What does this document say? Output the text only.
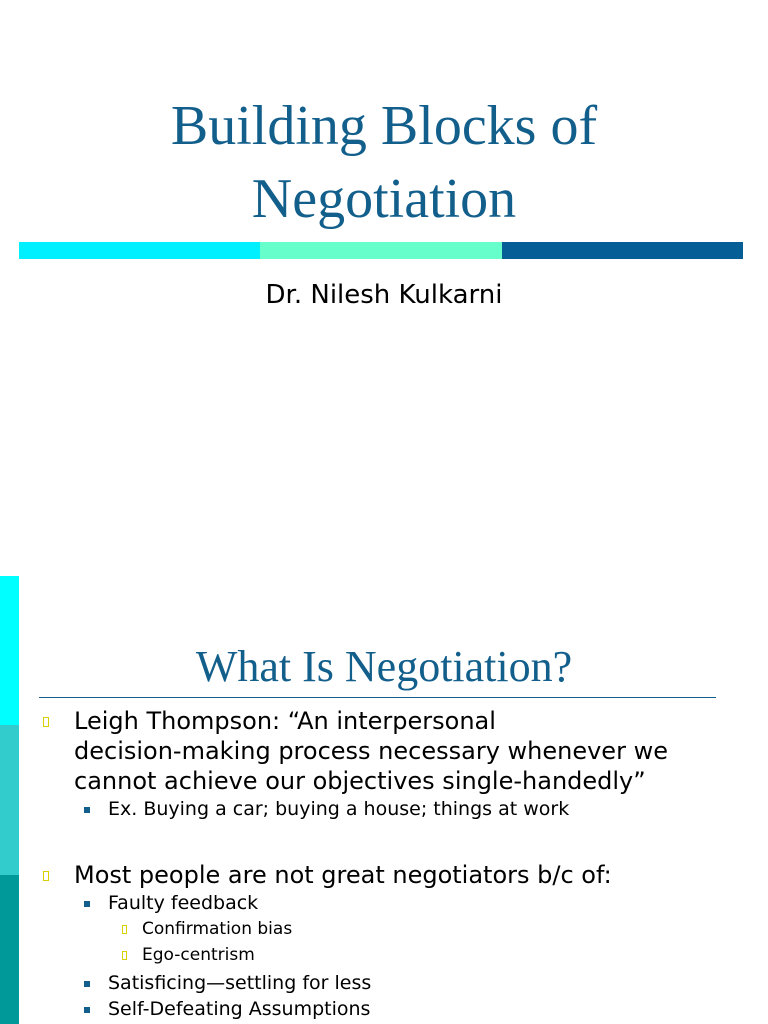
Building Blocks of
Negotiation
Dr. Nilesh Kulkarni
What Is Negotiation?
Leigh Thompson: “An interpersonal
decision-making process necessary whenever we
cannot achieve our objectives single-handedly”
Ex. Buying a car; buying a house; things at work
Most people are not great negotiators b/c of:
Faulty feedback
Confirmation bias
Ego-centrism
Satisficing—settling for less
Self-Defeating Assumptions
